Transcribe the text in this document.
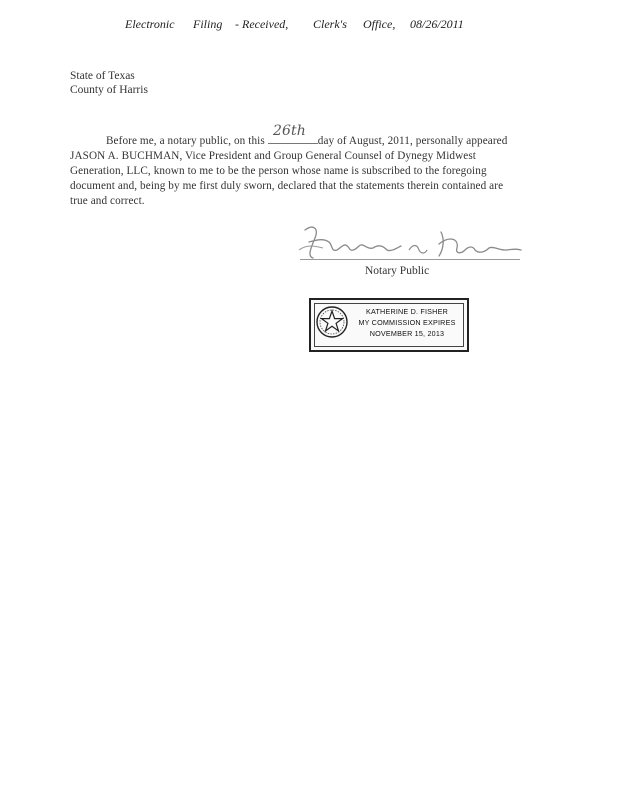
Electronic Filing - Received, Clerk's Office, 08/26/2011
State of Texas
County of Harris
Before me, a notary public, on this
26th
day of August, 2011, personally appeared
JASON A. BUCHMAN, Vice President and Group General Counsel of Dynegy Midwest
Generation, LLC, known to me to be the person whose name is subscribed to the foregoing
document and, being by me first duly sworn, declared that the statements therein contained are
true and correct.
Notary Public
KATHERINE D. FISHER
MY COMMISSION EXPIRES
NOVEMBER 15, 2013
